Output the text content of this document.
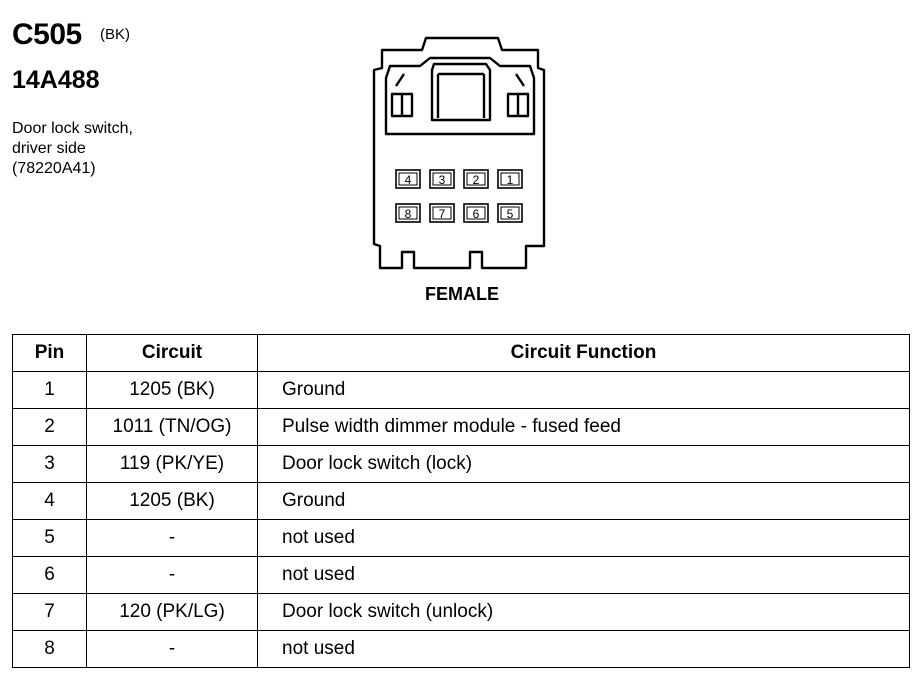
C505 (BK)
14A488
Door lock switch,
driver side
(78220A41)
4 3 2 1
8 7 6 5
FEMALE
Pin	Circuit	Circuit Function
1	1205 (BK)	Ground
2	1011 (TN/OG)	Pulse width dimmer module - fused feed
3	119 (PK/YE)	Door lock switch (lock)
4	1205 (BK)	Ground
5	-	not used
6	-	not used
7	120 (PK/LG)	Door lock switch (unlock)
8	-	not used
